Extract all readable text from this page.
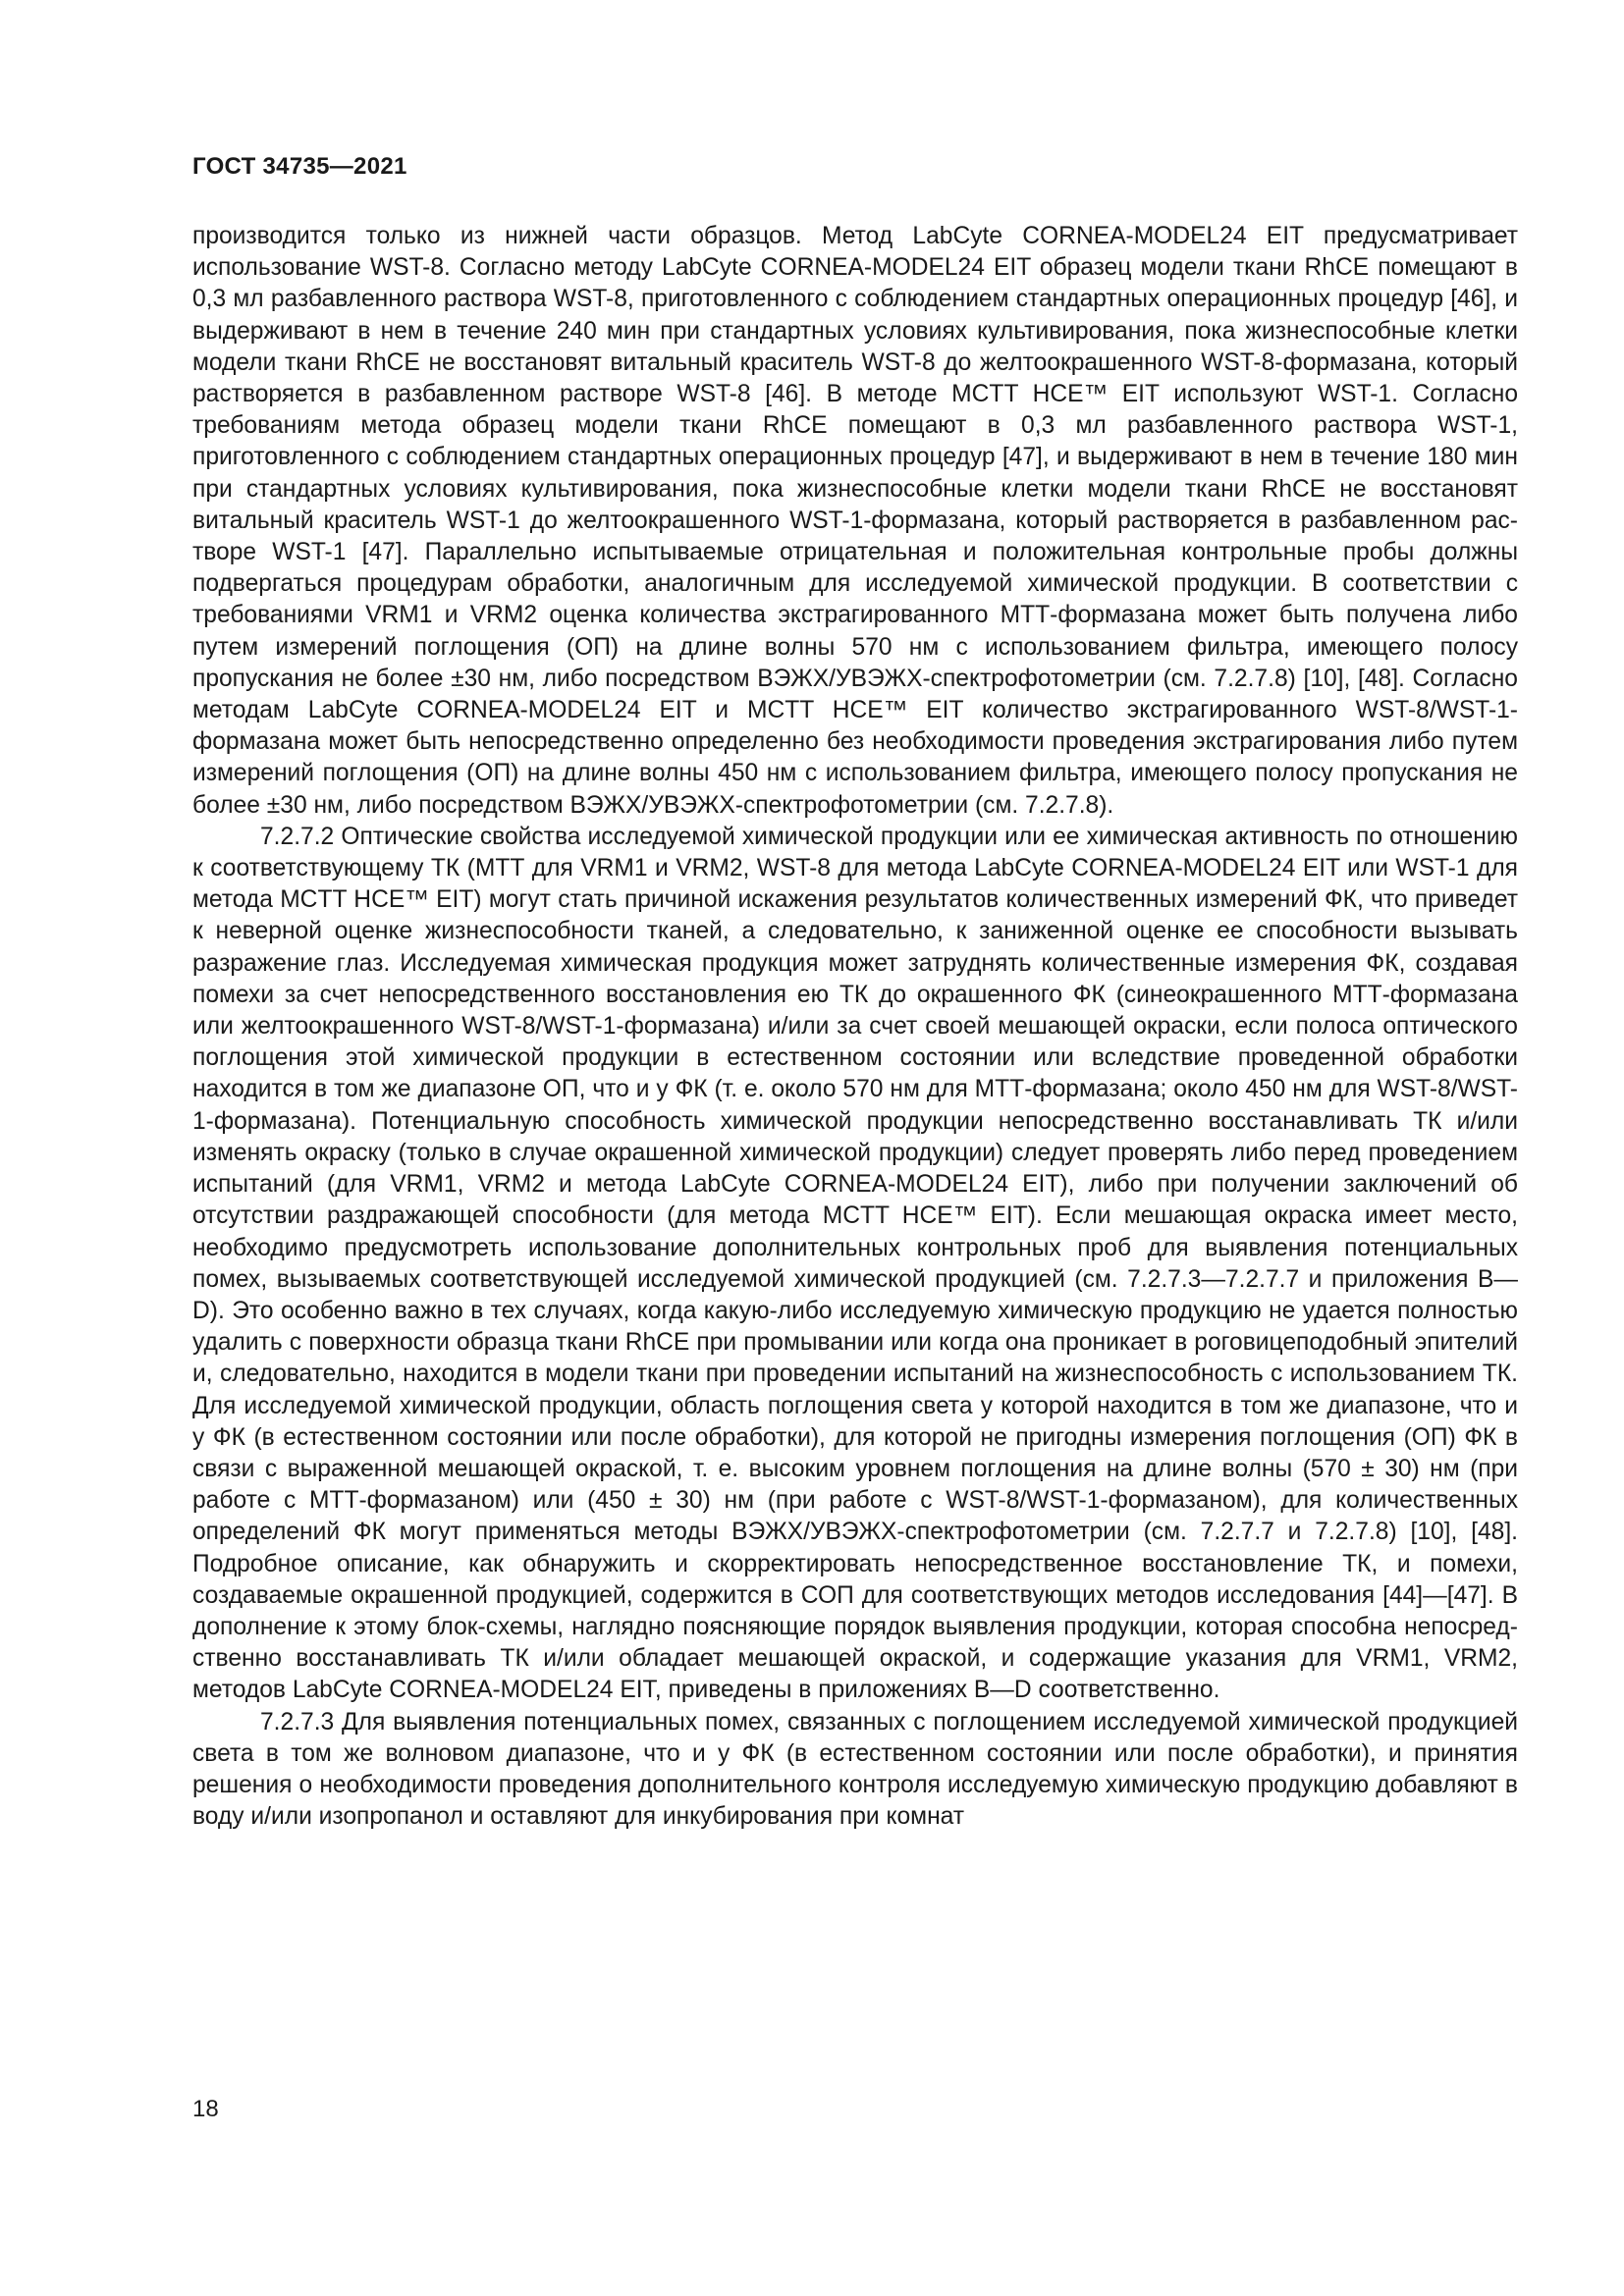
ГОСТ 34735—2021

производится только из нижней части образцов. Метод LabCyte CORNEA-MODEL24 EIT предусматривает использование WST-8. Согласно методу LabCyte CORNEA-MODEL24 EIT образец модели ткани RhCE помещают в 0,3 мл разбавленного раствора WST-8, приготовленного с соблюдением стандартных операционных процедур [46], и выдерживают в нем в течение 240 мин при стандартных условиях культивирования, пока жизнеспособные клетки модели ткани RhCE не восстановят витальный краситель WST-8 до желтоокрашенного WST-8-формазана, который растворяется в разбавленном растворе WST-8 [46]. В методе MCTT HCE™ EIT используют WST-1. Согласно требованиям метода образец модели ткани RhCE помещают в 0,3 мл разбавленного раствора WST-1, приготовленного с соблюдением стандартных операционных процедур [47], и выдерживают в нем в течение 180 мин при стандартных условиях культивирования, пока жизнеспособные клетки модели ткани RhCE не восстановят витальный краситель WST-1 до желтоокрашенного WST-1-формазана, который растворяется в разбавленном растворе WST-1 [47]. Параллельно испытываемые отрицательная и положительная контрольные пробы должны подвергаться процедурам обработки, аналогичным для исследуемой химической продукции. В соответствии с требованиями VRM1 и VRM2 оценка количества экстрагированного МТТ-формазана может быть получена либо путем измерений поглощения (ОП) на длине волны 570 нм с использованием фильтра, имеющего полосу пропускания не более ±30 нм, либо посредством ВЭЖХ/УВЭЖХ-спектрофотометрии (см. 7.2.7.8) [10], [48]. Согласно методам LabCyte CORNEA-MODEL24 EIT и MCTT HCE™ EIT количество экстрагированного WST-8/WST-1-формазана может быть непосредственно определенно без необходимости проведения экстрагирования либо путем измерений поглощения (ОП) на длине волны 450 нм с использованием фильтра, имеющего полосу пропускания не более ±30 нм, либо посредством ВЭЖХ/УВЭЖХ-спектрофотометрии (см. 7.2.7.8).

7.2.7.2 Оптические свойства исследуемой химической продукции или ее химическая активность по отношению к соответствующему ТК (МТТ для VRM1 и VRM2, WST-8 для метода LabCyte CORNEA-MODEL24 EIT или WST-1 для метода MCTT HCE™ EIT) могут стать причиной искажения результатов количественных измерений ФК, что приведет к неверной оценке жизнеспособности тканей, а следовательно, к заниженной оценке ее способности вызывать разражение глаз. Исследуемая химическая продукция может затруднять количественные измерения ФК, создавая помехи за счет непосредственного восстановления ею ТК до окрашенного ФК (синеокрашенного МТТ-формазана или желтоокрашенного WST-8/WST-1-формазана) и/или за счет своей мешающей окраски, если полоса оптического поглощения этой химической продукции в естественном состоянии или вследствие проведенной обработки находится в том же диапазоне ОП, что и у ФК (т. е. около 570 нм для МТТ-формазана; около 450 нм для WST-8/WST-1-формазана). Потенциальную способность химической продукции непосредственно восстанавливать ТК и/или изменять окраску (только в случае окрашенной химической продукции) следует проверять либо перед проведением испытаний (для VRM1, VRM2 и метода LabCyte CORNEA-MODEL24 EIT), либо при получении заключений об отсутствии раздражающей способности (для метода MCTT HCE™ EIT). Если мешающая окраска имеет место, необходимо предусмотреть использование дополнительных контрольных проб для выявления потенциальных помех, вызываемых соответствующей исследуемой химической продукцией (см. 7.2.7.3—7.2.7.7 и приложения В—D). Это особенно важно в тех случаях, когда какую-либо исследуемую химическую продукцию не удается полностью удалить с поверхности образца ткани RhCE при промывании или когда она проникает в роговицеподобный эпителий и, следовательно, находится в модели ткани при проведении испытаний на жизнеспособность с использованием ТК. Для исследуемой химической продукции, область поглощения света у которой находится в том же диапазоне, что и у ФК (в естественном состоянии или после обработки), для которой не пригодны измерения поглощения (ОП) ФК в связи с выраженной мешающей окраской, т. е. высоким уровнем поглощения на длине волны (570 ± 30) нм (при работе с МТТ-формазаном) или (450 ± 30) нм (при работе с WST-8/WST-1-формазаном), для количественных определений ФК могут применяться методы ВЭЖХ/УВЭЖХ-спектрофотометрии (см. 7.2.7.7 и 7.2.7.8) [10], [48]. Подробное описание, как обнаружить и скорректировать непосредственное восстановление ТК, и помехи, создаваемые окрашенной продукцией, содержится в СОП для соответствующих методов исследования [44]—[47]. В дополнение к этому блок-схемы, наглядно поясняющие порядок выявления продукции, которая способна непосредственно восстанавливать ТК и/или обладает мешающей окраской, и содержащие указания для VRM1, VRM2, методов LabCyte CORNEA-MODEL24 EIT, приведены в приложениях В—D соответственно.

7.2.7.3 Для выявления потенциальных помех, связанных с поглощением исследуемой химической продукцией света в том же волновом диапазоне, что и у ФК (в естественном состоянии или после обработки), и принятия решения о необходимости проведения дополнительного контроля исследуемую химическую продукцию добавляют в воду и/или изопропанол и оставляют для инкубирования при комнат

18
